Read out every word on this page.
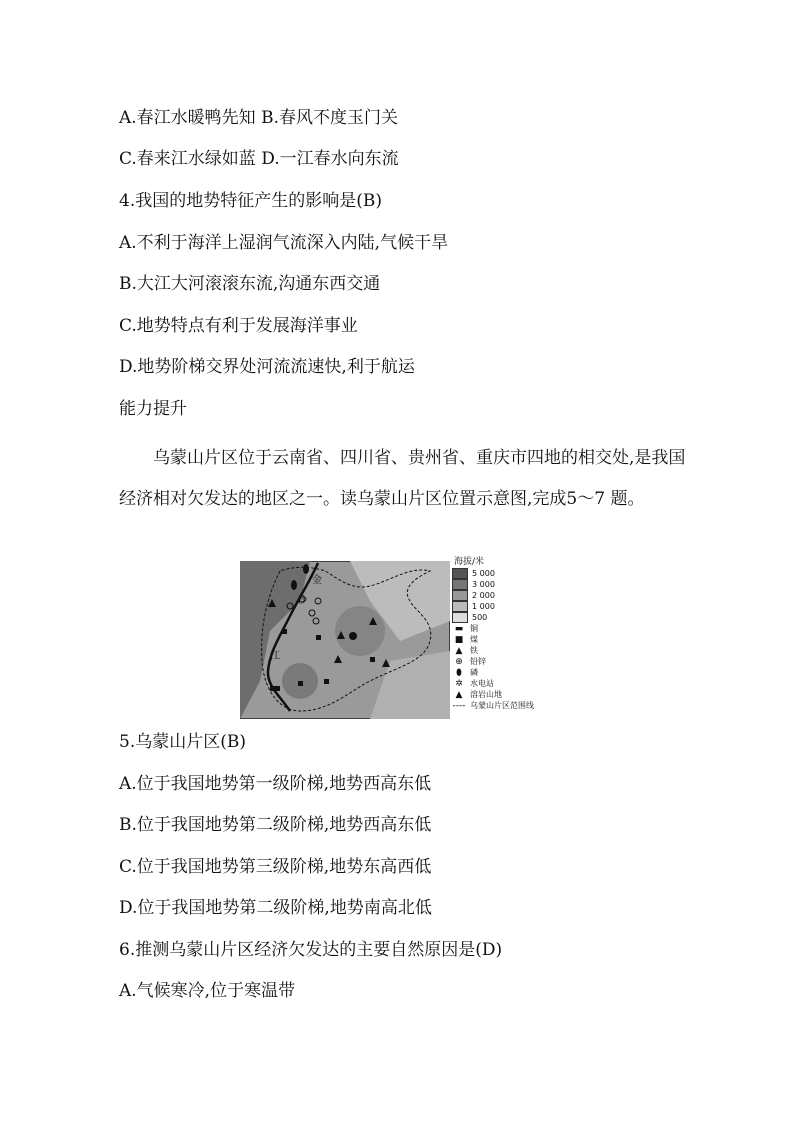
A.春江水暖鸭先知 B.春风不度玉门关
C.春来江水绿如蓝 D.一江春水向东流
4.我国的地势特征产生的影响是(B)
A.不利于海洋上湿润气流深入内陆,气候干旱
B.大江大河滚滚东流,沟通东西交通
C.地势特点有利于发展海洋事业
D.地势阶梯交界处河流流速快,利于航运
能力提升
乌蒙山片区位于云南省、四川省、贵州省、重庆市四地的相交处,是我国经济相对欠发达的地区之一。读乌蒙山片区位置示意图,完成5～7 题。
金
沙
江
海拔/米
5 000
3 000
2 000
1 000
500
▬ 铜
■ 煤
▲ 铁
⊕ 铅锌
⬮	磷
✲ 水电站
▲ 溶岩山地
---- 乌蒙山片区范围线
5.乌蒙山片区(B)
A.位于我国地势第一级阶梯,地势西高东低
B.位于我国地势第二级阶梯,地势西高东低
C.位于我国地势第三级阶梯,地势东高西低
D.位于我国地势第二级阶梯,地势南高北低
6.推测乌蒙山片区经济欠发达的主要自然原因是(D)
A.气候寒冷,位于寒温带
